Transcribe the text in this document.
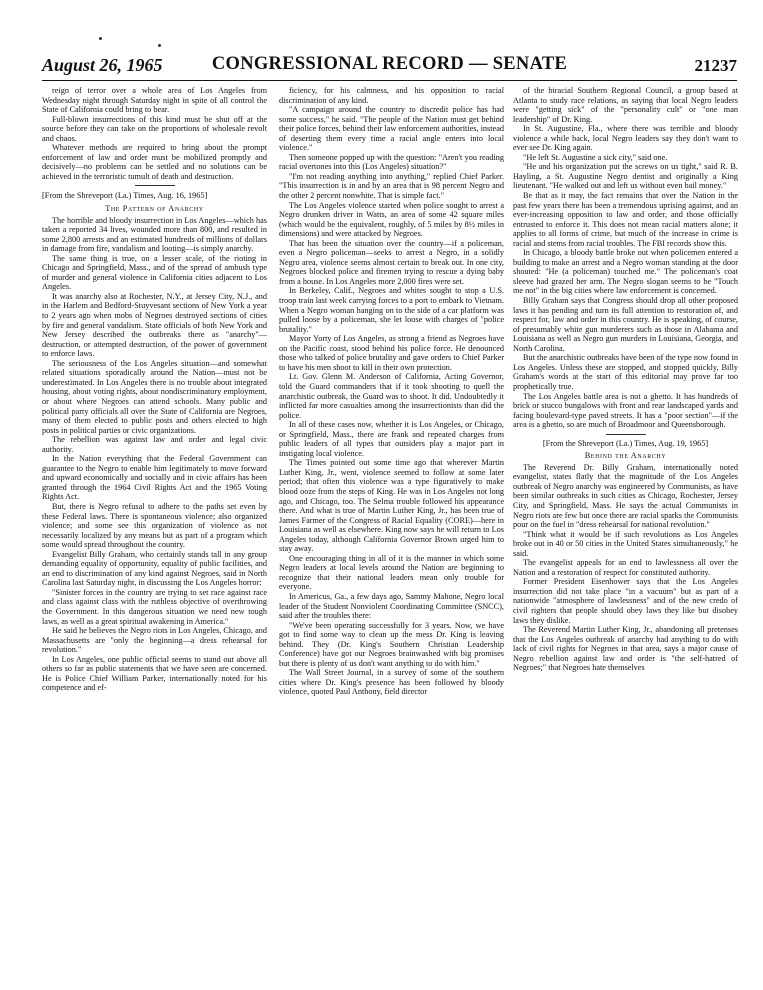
August 26, 1965	CONGRESSIONAL RECORD — SENATE	21237

reign of terror over a whole area of Los Angeles from Wednesday night through Saturday night in spite of all control the State of California could bring to bear.

Full-blown insurrections of this kind must be shut off at the source before they can take on the proportions of wholesale revolt and chaos.

Whatever methods are required to bring about the prompt enforcement of law and order must be mobilized promptly and decisively—no problems can be settled and no solutions can be achieved in the terroristic tumult of death and destruction.

[From the Shreveport (La.) Times, Aug. 16, 1965]

The Pattern of Anarchy

The horrible and bloody insurrection in Los Angeles—which has taken a reported 34 lives, wounded more than 800, and resulted in some 2,800 arrests and an estimated hundreds of millions of dollars in damage from fire, vandalism and looting—is simply anarchy.

The same thing is true, on a lesser scale, of the rioting in Chicago and Springfield, Mass., and of the spread of ambush type of murder and general violence in California cities adjacent to Los Angeles.

It was anarchy also at Rochester, N.Y., at Jersey City, N.J., and in the Harlem and Bedford-Stuyvesant sections of New York a year to 2 years ago when mobs of Negroes destroyed sections of cities by fire and general vandalism. State officials of both New York and New Jersey described the outbreaks there as "anarchy"—destruction, or attempted destruction, of the power of government to enforce laws.

The seriousness of the Los Angeles situation—and somewhat related situations sporadically around the Nation—must not be underestimated. In Los Angeles there is no trouble about integrated housing, about voting rights, about nondiscriminatory employment, or about where Negroes can attend schools. Many public and political party officials all over the State of California are Negroes, many of them elected to public posts and others elected to high posts in political parties or civic organizations.

The rebellion was against law and order and legal civic authority.

In the Nation everything that the Federal Government can guarantee to the Negro to enable him legitimately to move forward and upward economically and socially and in civic affairs has been granted through the 1964 Civil Rights Act and the 1965 Voting Rights Act.

But, there is Negro refusal to adhere to the paths set even by these Federal laws. There is spontaneous violence; also organized violence; and some see this organization of violence as not necessarily localized by any means but as part of a program which some would spread throughout the country.

Evangelist Billy Graham, who certainly stands tall in any group demanding equality of opportunity, equality of public facilities, and an end to discrimination of any kind against Negroes, said in North Carolina last Saturday night, in discussing the Los Angeles horror:

"Sinister forces in the country are trying to set race against race and class against class with the ruthless objective of overthrowing the Government. In this dangerous situation we need new tough laws, as well as a great spiritual awakening in America."

He said he believes the Negro riots in Los Angeles, Chicago, and Massachusetts are "only the beginning—a dress rehearsal for revolution."

In Los Angeles, one public official seems to stand out above all others so far as public statements that we have seen are concerned. He is Police Chief William Parker, internationally noted for his competence and ef-

ficiency, for his calmness, and his opposition to racial discrimination of any kind.

"A campaign around the country to discredit police has had some success," he said. "The people of the Nation must get behind their police forces, behind their law enforcement authorities, instead of deserting them every time a racial angle enters into local violence."

Then someone popped up with the question: "Aren't you reading racial overtones into this (Los Angeles) situation?"

"I'm not reading anything into anything," replied Chief Parker. "This insurrection is in and by an area that is 98 percent Negro and the other 2 percent nonwhite. That is simple fact."

The Los Angeles violence started when police sought to arrest a Negro drunken driver in Watts, an area of some 42 square miles (which would be the equivalent, roughly, of 5 miles by 8½ miles in dimensions) and were attacked by Negroes.

That has been the situation over the country—if a policeman, even a Negro policeman—seeks to arrest a Negro, in a solidly Negro area, violence seems almost certain to break out. In one city, Negroes blocked police and firemen trying to rescue a dying baby from a house. In Los Angeles more 2,000 fires were set.

In Berkeley, Calif., Negroes and whites sought to stop a U.S. troop train last week carrying forces to a port to embark to Vietnam. When a Negro woman hanging on to the side of a car platform was pulled loose by a policeman, she let loose with charges of "police brutality."

Mayor Yorty of Los Angeles, as strong a friend as Negroes have on the Pacific coast, stood behind his police force. He denounced those who talked of police brutality and gave orders to Chief Parker to have his men shoot to kill in their own protection.

Lt. Gov. Glenn M. Anderson of California, Acting Governor, told the Guard commanders that if it took shooting to quell the anarchistic outbreak, the Guard was to shoot. It did. Undoubtedly it inflicted far more casualties among the insurrectionists than did the police.

In all of these cases now, whether it is Los Angeles, or Chicago, or Springfield, Mass., there are frank and repeated charges from public leaders of all types that outsiders play a major part in instigating local violence.

The Times pointed out some time ago that wherever Martin Luther King, Jr., went, violence seemed to follow at some later period; that often this violence was a type figuratively to make blood ooze from the steps of King. He was in Los Angeles not long ago, and Chicago, too. The Selma trouble followed his appearance there. And what is true of Martin Luther King, Jr., has been true of James Farmer of the Congress of Racial Equality (CORE)—here in Louisiana as well as elsewhere. King now says he will return to Los Angeles today, although California Governor Brown urged him to stay away.

One encouraging thing in all of it is the manner in which some Negro leaders at local levels around the Nation are beginning to recognize that their national leaders mean only trouble for everyone.

In Americus, Ga., a few days ago, Sammy Mahone, Negro local leader of the Student Nonviolent Coordinating Committee (SNCC), said after the troubles there:

"We've been operating successfully for 3 years. Now, we have got to find some way to clean up the mess Dr. King is leaving behind. They (Dr. King's Southern Christian Leadership Conference) have got our Negroes brainwashed with big promises but there is plenty of us don't want anything to do with him."

The Wall Street Journal, in a survey of some of the southern cities where Dr. King's presence has been followed by bloody violence, quoted Paul Anthony, field director

of the biracial Southern Regional Council, a group based at Atlanta to study race relations, as saying that local Negro leaders were "getting sick" of the "personality cult" or "one man leadership" of Dr. King.

In St. Augustine, Fla., where there was terrible and bloody violence a while back, local Negro leaders say they don't want to ever see Dr. King again.

"He left St. Augustine a sick city," said one.

"He and his organization put the screws on us tight," said R. B. Hayling, a St. Augustine Negro dentist and originally a King lieutenant. "He walked out and left us without even bail money."

Be that as it may, the fact remains that over the Nation in the past few years there has been a tremendous uprising against, and an ever-increasing opposition to law and order, and those officially entrusted to enforce it. This does not mean racial matters alone; it applies to all forms of crime, but much of the increase in crime is racial and stems from racial troubles. The FBI records show this.

In Chicago, a bloody battle broke out when policemen entered a building to make an arrest and a Negro woman standing at the door shouted: "He (a policeman) touched me." The policeman's coat sleeve had grazed her arm. The Negro slogan seems to be "Touch me not" in the big cities where law enforcement is concerned.

Billy Graham says that Congress should drop all other proposed laws it has pending and turn its full attention to restoration of, and respect for, law and order in this country. He is speaking, of course, of presumably white gun murderers such as those in Alabama and Louisiana as well as Negro gun murders in Louisiana, Georgia, and North Carolina.

But the anarchistic outbreaks have been of the type now found in Los Angeles. Unless these are stopped, and stopped quickly, Billy Graham's words at the start of this editorial may prove far too prophetically true.

The Los Angeles battle area is not a ghetto. It has hundreds of brick or stucco bungalows with front and rear landscaped yards and facing boulevard-type paved streets. It has a "poor section"—if the area is a ghetto, so are much of Broadmoor and Queensborough.

[From the Shreveport (La.) Times, Aug. 19, 1965]

Behind the Anarchy

The Reverend Dr. Billy Graham, internationally noted evangelist, states flatly that the magnitude of the Los Angeles outbreak of Negro anarchy was engineered by Communists, as have been similar outbreaks in such cities as Chicago, Rochester, Jersey City, and Springfield, Mass. He says the actual Communists in Negro riots are few but once there are racial sparks the Communists pour on the fuel in "dress rehearsal for national revolution."

"Think what it would be if such revolutions as Los Angeles broke out in 40 or 50 cities in the United States simultaneously," he said.

The evangelist appeals for an end to lawlessness all over the Nation and a restoration of respect for constituted authority.

Former President Eisenhower says that the Los Angeles insurrection did not take place "in a vacuum" but as part of a nationwide "atmosphere of lawlessness" and of the new credo of civil righters that people should obey laws they like but disobey laws they dislike.

The Reverend Martin Luther King, Jr., abandoning all pretenses that the Los Angeles outbreak of anarchy had anything to do with lack of civil rights for Negroes in that area, says a major cause of Negro rebellion against law and order is "the self-hatred of Negroes;" that Negroes hate themselves
